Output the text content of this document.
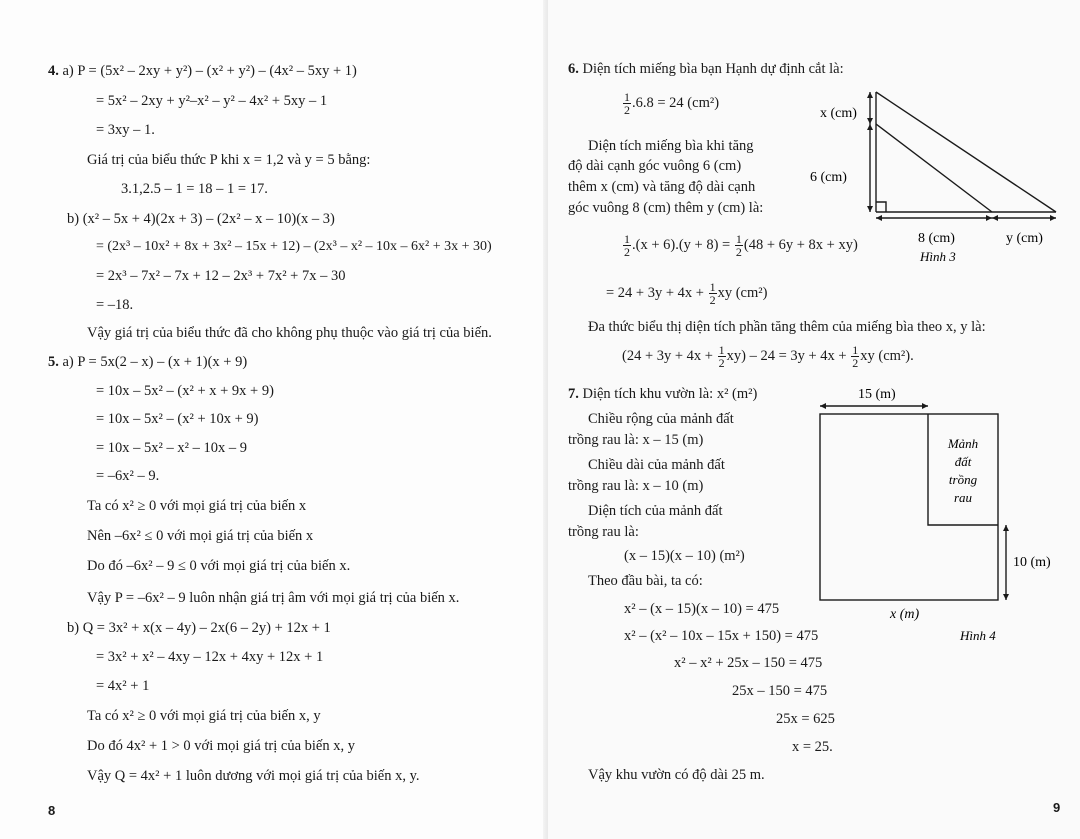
4. a) P = (5x² – 2xy + y²) – (x² + y²) – (4x² – 5xy + 1)
= 5x² – 2xy + y²–x² – y² – 4x² + 5xy – 1
= 3xy – 1.
Giá trị của biểu thức P khi x = 1,2 và y = 5 bằng:
3.1,2.5 – 1 = 18 – 1 = 17.
b) (x² – 5x + 4)(2x + 3) – (2x² – x – 10)(x – 3)
= (2x³ – 10x² + 8x + 3x² – 15x + 12) – (2x³ – x² – 10x – 6x² + 3x + 30)
= 2x³ – 7x² – 7x + 12 – 2x³ + 7x² + 7x – 30
= –18.
Vậy giá trị của biểu thức đã cho không phụ thuộc vào giá trị của biến.
5. a) P = 5x(2 – x) – (x + 1)(x + 9)
= 10x – 5x² – (x² + x + 9x + 9)
= 10x – 5x² – (x² + 10x + 9)
= 10x – 5x² – x² – 10x – 9
= –6x² – 9.
Ta có x² ≥ 0 với mọi giá trị của biến x
Nên –6x² ≤ 0 với mọi giá trị của biến x
Do đó –6x² – 9 ≤ 0 với mọi giá trị của biến x.
Vậy P = –6x² – 9 luôn nhận giá trị âm với mọi giá trị của biến x.
b) Q = 3x² + x(x – 4y) – 2x(6 – 2y) + 12x + 1
= 3x² + x² – 4xy – 12x + 4xy + 12x + 1
= 4x² + 1
Ta có x² ≥ 0 với mọi giá trị của biến x, y
Do đó 4x² + 1 > 0 với mọi giá trị của biến x, y
Vậy Q = 4x² + 1 luôn dương với mọi giá trị của biến x, y.
8
6. Diện tích miếng bìa bạn Hạnh dự định cắt là:
$\frac{1}{2} .6.8 = 24$ (cm²)
Diện tích miếng bìa khi tăng
độ dài cạnh góc vuông 6 (cm)
thêm x (cm) và tăng độ dài cạnh
góc vuông 8 (cm) thêm y (cm) là:
$\frac{1}{2} .(x + 6).(y + 8) = \frac{1}{2} (48 + 6y + 8x + xy)$
= $24 + 3y + 4x + \frac{1}{2}$ xy (cm²)
Đa thức biểu thị diện tích phần tăng thêm của miếng bìa theo x, y là:
$(24 + 3y + 4x + \frac{1}{2} xy) - 24 = 3y + 4x + \frac{1}{2}$ xy (cm²).
x (cm)
6 (cm)
8 (cm)	y (cm)
Hình 3
7. Diện tích khu vườn là: x² (m²)
Chiều rộng của mảnh đất
trồng rau là: x – 15 (m)
Chiều dài của mảnh đất
trồng rau là: x – 10 (m)
Diện tích của mảnh đất
trồng rau là:
(x – 15)(x – 10) (m²)
Theo đầu bài, ta có:
x² – (x – 15)(x – 10) = 475
x² – (x² – 10x – 15x + 150) = 475
x² – x² + 25x – 150 = 475
25x – 150 = 475
25x = 625
x = 25.
Vậy khu vườn có độ dài 25 m.
15 (m)
10 (m)
x (m)
Mảnh
đất
trồng
rau
Hình 4
9
